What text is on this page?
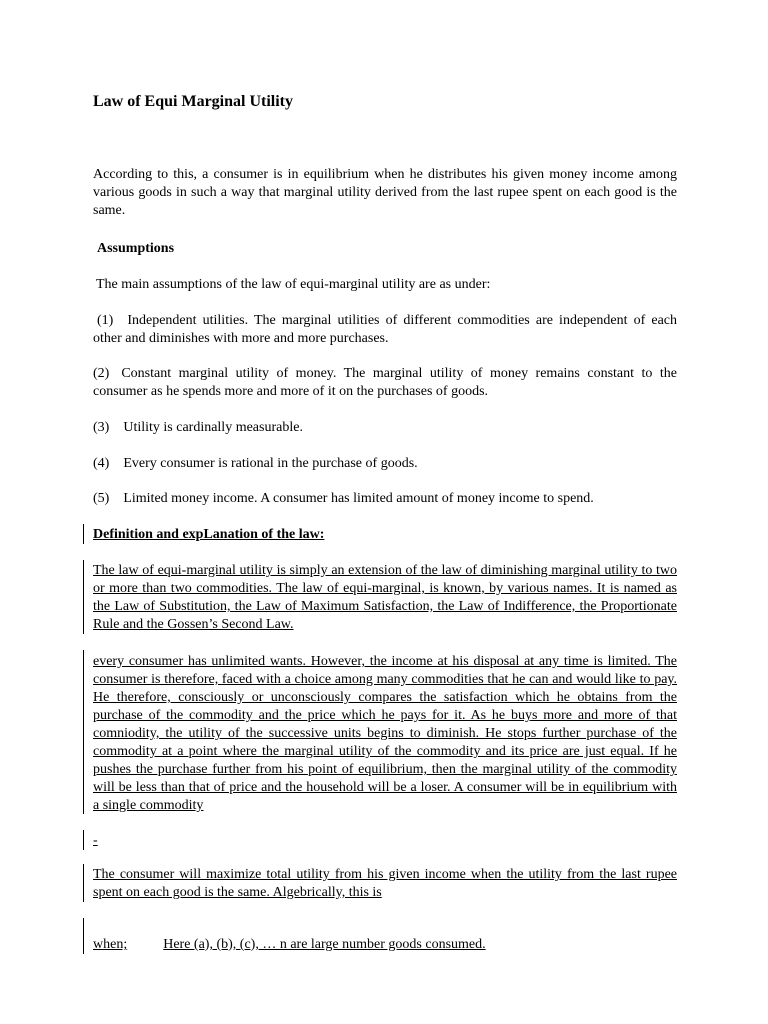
Law of Equi Marginal Utility

According to this, a consumer is in equilibrium when he distributes his given money income among various goods in such a way that marginal utility derived from the last rupee spent on each good is the same.

Assumptions

The main assumptions of the law of equi-marginal utility are as under:

(1) Independent utilities. The marginal utilities of different commodities are independent of each other and diminishes with more and more purchases.

(2) Constant marginal utility of money. The marginal utility of money remains constant to the consumer as he spends more and more of it on the purchases of goods.

(3) Utility is cardinally measurable.

(4) Every consumer is rational in the purchase of goods.

(5) Limited money income. A consumer has limited amount of money income to spend.

Definition and expLanation of the law:

The law of equi-marginal utility is simply an extension of the law of diminishing marginal utility to two or more than two commodities. The law of equi-marginal, is known, by various names. It is named as the Law of Substitution, the Law of Maximum Satisfaction, the Law of Indifference, the Proportionate Rule and the Gossen’s Second Law.

every consumer has unlimited wants. However, the income at his disposal at any time is limited. The consumer is therefore, faced with a choice among many commodities that he can and would like to pay. He therefore, consciously or unconsciously compares the satisfaction which he obtains from the purchase of the commodity and the price which he pays for it. As he buys more and more of that comniodity, the utility of the successive units begins to diminish. He stops further purchase of the commodity at a point where the marginal utility of the commodity and its price are just equal. If he pushes the purchase further from his point of equilibrium, then the marginal utility of the commodity will be less than that of price and the household will be a loser. A consumer will be in equilibrium with a single commodity

-

The consumer will maximize total utility from his given income when the utility from the last rupee spent on each good is the same. Algebrically, this is

when;	Here (a), (b), (c), … n are large number goods consumed.
